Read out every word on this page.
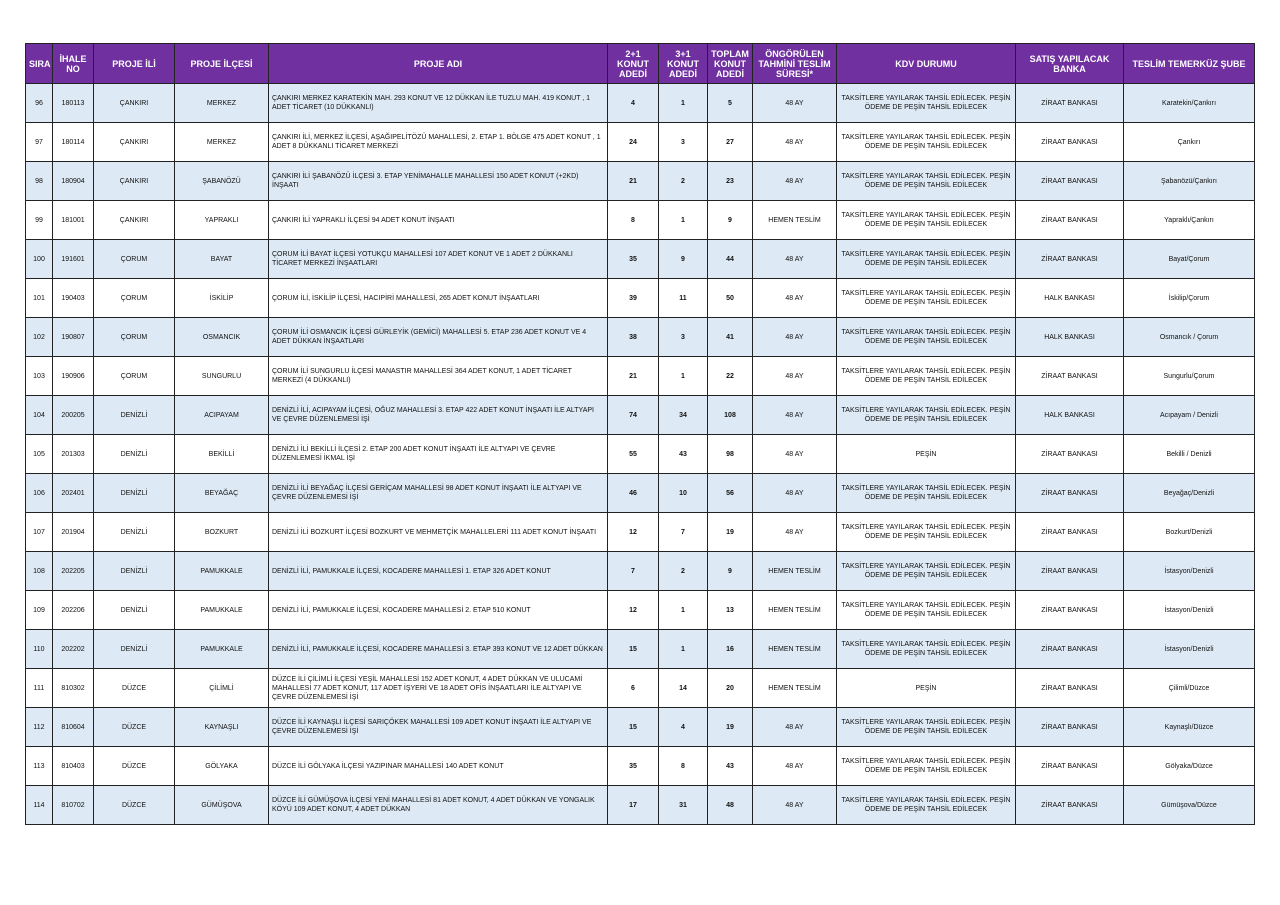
SIRA	İHALE NO	PROJE İLİ	PROJE İLÇESİ	PROJE ADI	2+1 KONUT ADEDİ	3+1 KONUT ADEDİ	TOPLAM KONUT ADEDİ	ÖNGÖRÜLEN TAHMİNİ TESLİM SÜRESİ*	KDV DURUMU	SATIŞ YAPILACAK BANKA	TESLİM TEMERKÜZ ŞUBE
96	180113	ÇANKIRI	MERKEZ	ÇANKIRI MERKEZ KARATEKİN MAH. 293 KONUT VE 12 DÜKKAN İLE TUZLU MAH. 419 KONUT , 1 ADET TİCARET (10 DÜKKANLI)	4	1	5	48 AY	TAKSİTLERE YAYILARAK TAHSİL EDİLECEK. PEŞİN ÖDEME DE PEŞİN TAHSİL EDİLECEK	ZİRAAT BANKASI	Karatekin/Çankırı
97	180114	ÇANKIRI	MERKEZ	ÇANKIRI İLİ, MERKEZ İLÇESİ, AŞAĞIPELİTÖZÜ MAHALLESİ, 2. ETAP 1. BÖLGE 475 ADET KONUT , 1 ADET 8 DÜKKANLI TİCARET MERKEZİ	24	3	27	48 AY	TAKSİTLERE YAYILARAK TAHSİL EDİLECEK. PEŞİN ÖDEME DE PEŞİN TAHSİL EDİLECEK	ZİRAAT BANKASI	Çankırı
98	180904	ÇANKIRI	ŞABANÖZÜ	ÇANKIRI İLİ ŞABANÖZÜ İLÇESİ 3. ETAP YENİMAHALLE MAHALLESİ 150 ADET KONUT (+2KD) İNŞAATI	21	2	23	48 AY	TAKSİTLERE YAYILARAK TAHSİL EDİLECEK. PEŞİN ÖDEME DE PEŞİN TAHSİL EDİLECEK	ZİRAAT BANKASI	Şabanözü/Çankırı
99	181001	ÇANKIRI	YAPRAKLI	ÇANKIRI İLİ YAPRAKLI İLÇESİ 94 ADET KONUT İNŞAATI	8	1	9	HEMEN TESLİM	TAKSİTLERE YAYILARAK TAHSİL EDİLECEK. PEŞİN ÖDEME DE PEŞİN TAHSİL EDİLECEK	ZİRAAT BANKASI	Yapraklı/Çankırı
100	191601	ÇORUM	BAYAT	ÇORUM İLİ BAYAT İLÇESİ YOTUKÇU MAHALLESİ 107 ADET KONUT VE 1 ADET 2 DÜKKANLI TİCARET MERKEZİ İNŞAATLARI	35	9	44	48 AY	TAKSİTLERE YAYILARAK TAHSİL EDİLECEK. PEŞİN ÖDEME DE PEŞİN TAHSİL EDİLECEK	ZİRAAT BANKASI	Bayat/Çorum
101	190403	ÇORUM	İSKİLİP	ÇORUM İLİ, İSKİLİP İLÇESİ, HACIPİRİ MAHALLESİ, 265 ADET KONUT İNŞAATLARI	39	11	50	48 AY	TAKSİTLERE YAYILARAK TAHSİL EDİLECEK. PEŞİN ÖDEME DE PEŞİN TAHSİL EDİLECEK	HALK BANKASI	İskilip/Çorum
102	190807	ÇORUM	OSMANCIK	ÇORUM İLİ OSMANCIK İLÇESİ GÜRLEYİK (GEMİCİ) MAHALLESİ 5. ETAP 236 ADET KONUT VE 4 ADET DÜKKAN İNŞAATLARI	38	3	41	48 AY	TAKSİTLERE YAYILARAK TAHSİL EDİLECEK. PEŞİN ÖDEME DE PEŞİN TAHSİL EDİLECEK	HALK BANKASI	Osmancık / Çorum
103	190906	ÇORUM	SUNGURLU	ÇORUM İLİ SUNGURLU İLÇESİ MANASTIR MAHALLESİ 364 ADET KONUT, 1 ADET TİCARET MERKEZİ (4 DÜKKANLI)	21	1	22	48 AY	TAKSİTLERE YAYILARAK TAHSİL EDİLECEK. PEŞİN ÖDEME DE PEŞİN TAHSİL EDİLECEK	ZİRAAT BANKASI	Sungurlu/Çorum
104	200205	DENİZLİ	ACIPAYAM	DENİZLİ İLİ, ACIPAYAM İLÇESİ, OĞUZ MAHALLESİ 3. ETAP 422 ADET KONUT İNŞAATI İLE ALTYAPI VE ÇEVRE DÜZENLEMESİ İŞİ	74	34	108	48 AY	TAKSİTLERE YAYILARAK TAHSİL EDİLECEK. PEŞİN ÖDEME DE PEŞİN TAHSİL EDİLECEK	HALK BANKASI	Acıpayam / Denizli
105	201303	DENİZLİ	BEKİLLİ	DENİZLİ İLİ BEKİLLİ İLÇESİ 2. ETAP 200 ADET KONUT İNŞAATI İLE ALTYAPI VE ÇEVRE DÜZENLEMESİ İKMAL İŞİ	55	43	98	48 AY	PEŞİN	ZİRAAT BANKASI	Bekilli / Denizli
106	202401	DENİZLİ	BEYAĞAÇ	DENİZLİ İLİ BEYAĞAÇ İLÇESİ GERİÇAM MAHALLESİ 98 ADET KONUT İNŞAATI İLE ALTYAPI VE ÇEVRE DÜZENLEMESİ İŞİ	46	10	56	48 AY	TAKSİTLERE YAYILARAK TAHSİL EDİLECEK. PEŞİN ÖDEME DE PEŞİN TAHSİL EDİLECEK	ZİRAAT BANKASI	Beyağaç/Denizli
107	201904	DENİZLİ	BOZKURT	DENİZLİ İLİ BOZKURT İLÇESİ BOZKURT VE MEHMETÇİK MAHALLELERİ 111 ADET KONUT İNŞAATI	12	7	19	48 AY	TAKSİTLERE YAYILARAK TAHSİL EDİLECEK. PEŞİN ÖDEME DE PEŞİN TAHSİL EDİLECEK	ZİRAAT BANKASI	Bozkurt/Denizli
108	202205	DENİZLİ	PAMUKKALE	DENİZLİ İLİ, PAMUKKALE İLÇESİ, KOCADERE MAHALLESİ 1. ETAP 326 ADET KONUT	7	2	9	HEMEN TESLİM	TAKSİTLERE YAYILARAK TAHSİL EDİLECEK. PEŞİN ÖDEME DE PEŞİN TAHSİL EDİLECEK	ZİRAAT BANKASI	İstasyon/Denizli
109	202206	DENİZLİ	PAMUKKALE	DENİZLİ İLİ, PAMUKKALE İLÇESİ, KOCADERE MAHALLESİ 2. ETAP 510 KONUT	12	1	13	HEMEN TESLİM	TAKSİTLERE YAYILARAK TAHSİL EDİLECEK. PEŞİN ÖDEME DE PEŞİN TAHSİL EDİLECEK	ZİRAAT BANKASI	İstasyon/Denizli
110	202202	DENİZLİ	PAMUKKALE	DENİZLİ İLİ, PAMUKKALE İLÇESİ, KOCADERE MAHALLESİ 3. ETAP 393 KONUT VE 12 ADET DÜKKAN	15	1	16	HEMEN TESLİM	TAKSİTLERE YAYILARAK TAHSİL EDİLECEK. PEŞİN ÖDEME DE PEŞİN TAHSİL EDİLECEK	ZİRAAT BANKASI	İstasyon/Denizli
111	810302	DÜZCE	ÇİLİMLİ	DÜZCE İLİ ÇİLİMLİ İLÇESİ YEŞİL MAHALLESİ 152 ADET KONUT, 4 ADET DÜKKAN VE ULUCAMİ MAHALLESİ 77 ADET KONUT, 117 ADET İŞYERİ VE 18 ADET OFİS İNŞAATLARI İLE ALTYAPI VE ÇEVRE DÜZENLEMESİ İŞİ	6	14	20	HEMEN TESLİM	PEŞİN	ZİRAAT BANKASI	Çilimli/Düzce
112	810604	DÜZCE	KAYNAŞLI	DÜZCE İLİ KAYNAŞLI İLÇESİ SARIÇÖKEK MAHALLESİ 109 ADET KONUT İNŞAATI İLE ALTYAPI VE ÇEVRE DÜZENLEMESİ İŞİ	15	4	19	48 AY	TAKSİTLERE YAYILARAK TAHSİL EDİLECEK. PEŞİN ÖDEME DE PEŞİN TAHSİL EDİLECEK	ZİRAAT BANKASI	Kaynaşlı/Düzce
113	810403	DÜZCE	GÖLYAKA	DÜZCE İLİ GÖLYAKA İLÇESİ YAZIPINAR MAHALLESİ 140 ADET KONUT	35	8	43	48 AY	TAKSİTLERE YAYILARAK TAHSİL EDİLECEK. PEŞİN ÖDEME DE PEŞİN TAHSİL EDİLECEK	ZİRAAT BANKASI	Gölyaka/Düzce
114	810702	DÜZCE	GÜMÜŞOVA	DÜZCE İLİ GÜMÜŞOVA İLÇESİ YENİ MAHALLESİ 81 ADET KONUT, 4 ADET DÜKKAN VE YONGALIK KÖYÜ 109 ADET KONUT, 4 ADET DÜKKAN	17	31	48	48 AY	TAKSİTLERE YAYILARAK TAHSİL EDİLECEK. PEŞİN ÖDEME DE PEŞİN TAHSİL EDİLECEK	ZİRAAT BANKASI	Gümüşova/Düzce
